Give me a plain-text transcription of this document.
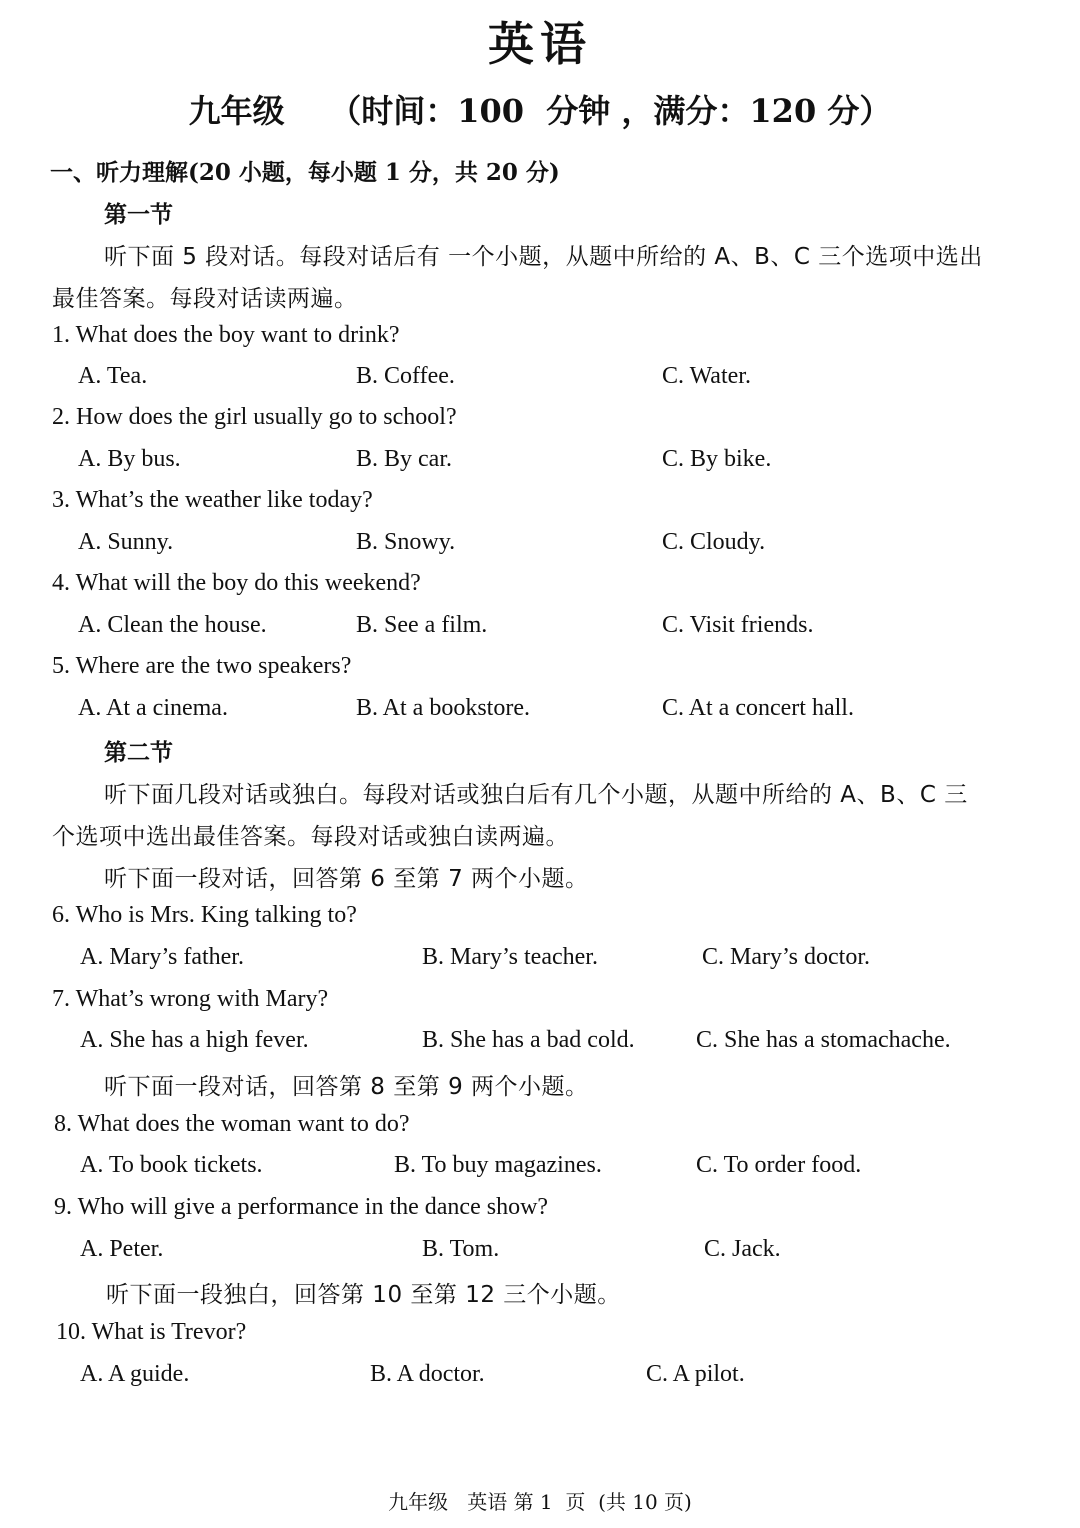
英语
九年级    （时间：100  分钟 ，满分：120 分）
一、听力理解(20 小题，每小题 1 分，共 20 分)
第一节
听下面 5 段对话。每段对话后有 一个小题，从题中所给的 A、B、C 三个选项中选出
最佳答案。每段对话读两遍。
1. What does the boy want to drink?
A. Tea.	B. Coffee.	C. Water.
2. How does the girl usually go to school?
A. By bus.	B. By car.	C. By bike.
3. What’s the weather like today?
A. Sunny.	B. Snowy.	C. Cloudy.
4. What will the boy do this weekend?
A. Clean the house.	B. See a film.	C. Visit friends.
5. Where are the two speakers?
A. At a cinema.	B. At a bookstore.	C. At a concert hall.
第二节
听下面几段对话或独白。每段对话或独白后有几个小题，从题中所给的 A、B、C 三
个选项中选出最佳答案。每段对话或独白读两遍。
听下面一段对话，回答第 6 至第 7 两个小题。
6. Who is Mrs. King talking to?
A. Mary’s father.	B. Mary’s teacher.	C. Mary’s doctor.
7. What’s wrong with Mary?
A. She has a high fever.	B. She has a bad cold.	C. She has a stomachache.
听下面一段对话，回答第 8 至第 9 两个小题。
8. What does the woman want to do?
A. To book tickets.	B. To buy magazines.	C. To order food.
9. Who will give a performance in the dance show?
A. Peter.	B. Tom.	C. Jack.
听下面一段独白，回答第 10 至第 12 三个小题。
10. What is Trevor?
A. A guide.	B. A doctor.	C. A pilot.
九年级   英语 第 1  页  (共 10 页)
